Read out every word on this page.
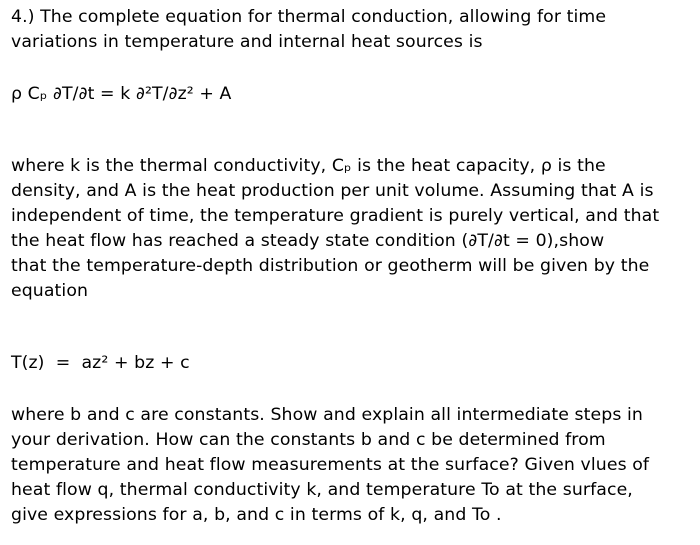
4.) The complete equation for thermal conduction, allowing for time
variations in temperature and internal heat sources is

ρ Cₚ ∂T/∂t = k ∂²T/∂z² + A

where k is the thermal conductivity, Cₚ is the heat capacity, ρ is the
density, and A is the heat production per unit volume. Assuming that A is
independent of time, the temperature gradient is purely vertical, and that
the heat flow has reached a steady state condition (∂T/∂t = 0),show
that the temperature-depth distribution or geotherm will be given by the
equation

T(z)  =  az² + bz + c

where b and c are constants. Show and explain all intermediate steps in
your derivation. How can the constants b and c be determined from
temperature and heat flow measurements at the surface? Given vlues of
heat flow q, thermal conductivity k, and temperature To at the surface,
give expressions for a, b, and c in terms of k, q, and To .
